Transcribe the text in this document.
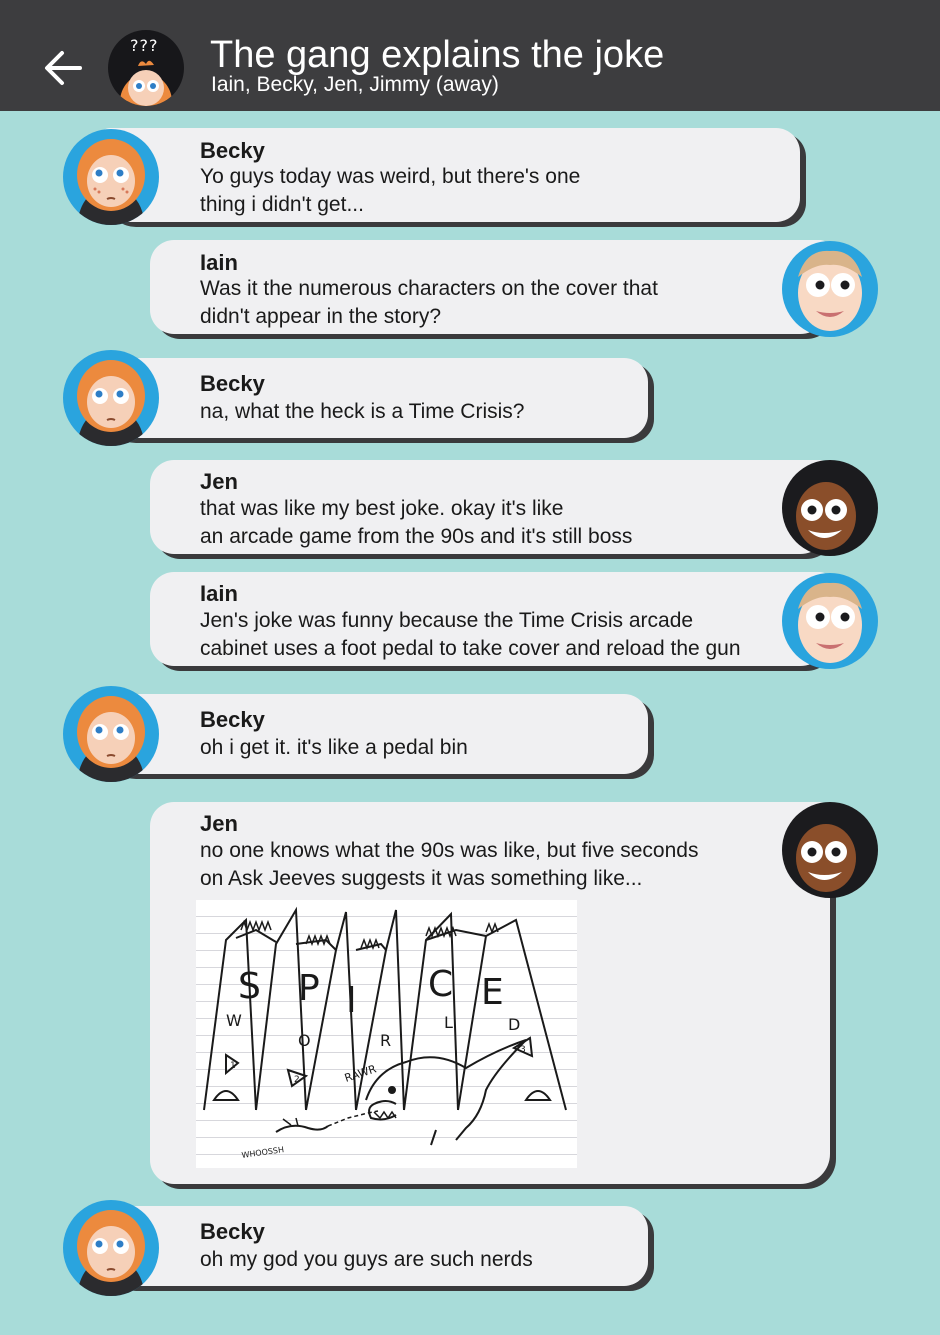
??? The gang explains the joke
Iain, Becky, Jen, Jimmy (away)
Becky
Yo guys today was weird, but there's one
thing i didn't get...
Iain
Was it the numerous characters on the cover that
didn't appear in the story?
Becky
na, what the heck is a Time Crisis?
Jen
that was like my best joke. okay it's like
an arcade game from the 90s and it's still boss
Iain
Jen's joke was funny because the Time Crisis arcade
cabinet uses a foot pedal to take cover and reload the gun
Becky
oh i get it. it's like a pedal bin
Jen
no one knows what the 90s was like, but five seconds
on Ask Jeeves suggests it was something like...
S P I C E
W
O	R
L	D
RAWR
WHOOSSH
1
2
3
Becky
oh my god you guys are such nerds
